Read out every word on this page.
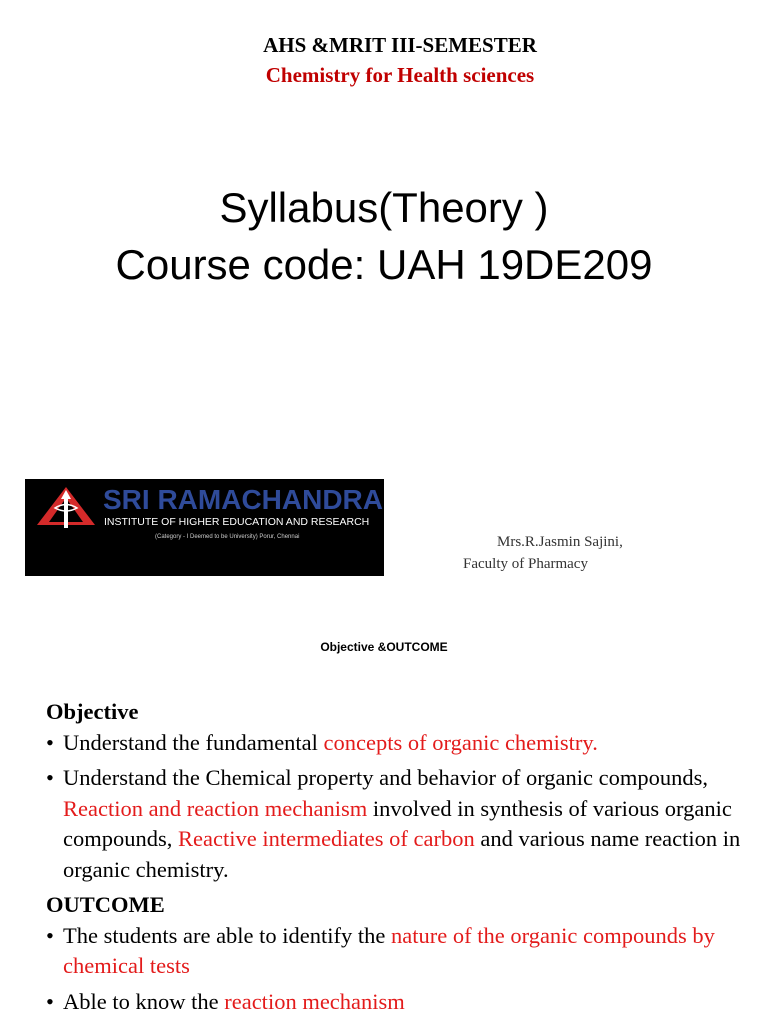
AHS &MRIT III-SEMESTER
Chemistry for Health sciences
Syllabus(Theory )
Course code: UAH 19DE209
SRI RAMACHANDRA
INSTITUTE OF HIGHER EDUCATION AND RESEARCH
(Category - I Deemed to be University) Porur, Chennai	Mrs.R.Jasmin Sajini,
Faculty of Pharmacy
Objective &OUTCOME

Objective

• Understand the fundamental concepts of organic chemistry.

• Understand the Chemical property and behavior of organic compounds, Reaction and reaction mechanism involved in synthesis of various organic compounds, Reactive intermediates of carbon and various name reaction in organic chemistry.

OUTCOME

• The students are able to identify the nature of the organic compounds by chemical tests

• Able to know the reaction mechanism
